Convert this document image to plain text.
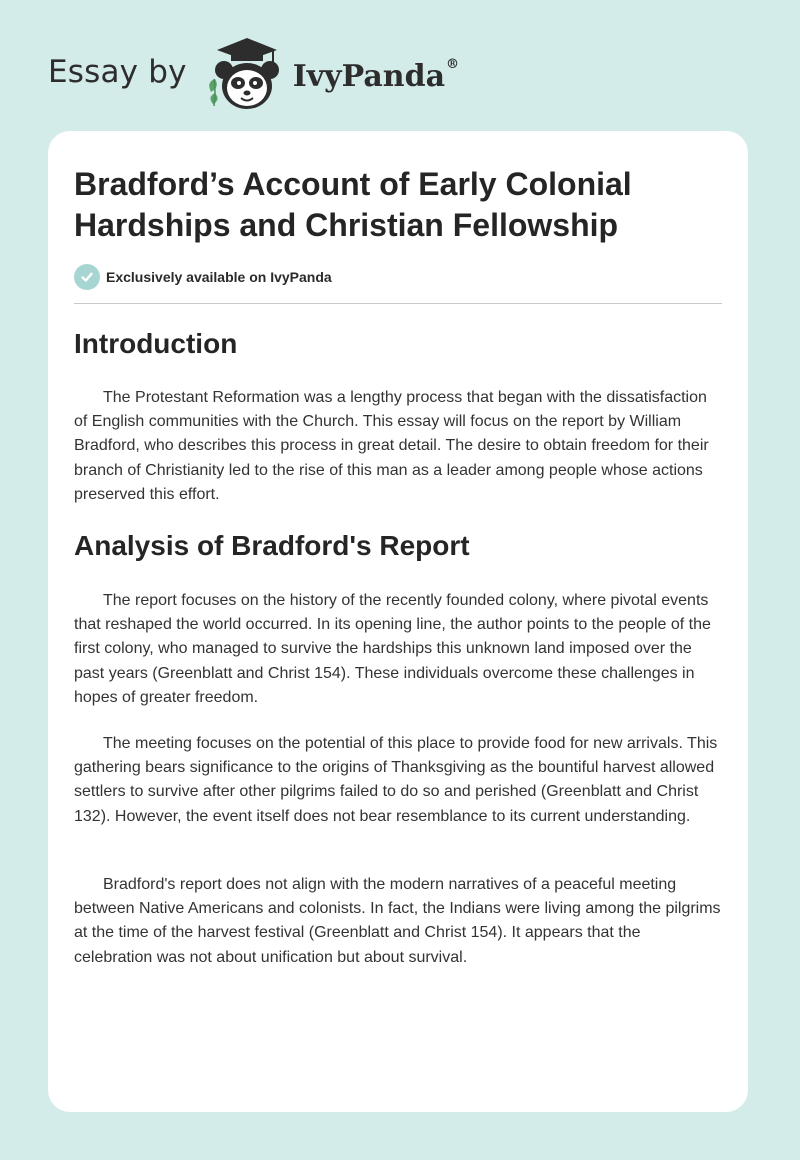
Essay by	IvyPanda®
Bradford’s Account of Early Colonial Hardships and Christian Fellowship
Exclusively available on IvyPanda
Introduction

The Protestant Reformation was a lengthy process that began with the dissatisfaction of English communities with the Church. This essay will focus on the report by William Bradford, who describes this process in great detail. The desire to obtain freedom for their branch of Christianity led to the rise of this man as a leader among people whose actions preserved this effort.

Analysis of Bradford's Report

The report focuses on the history of the recently founded colony, where pivotal events that reshaped the world occurred. In its opening line, the author points to the people of the first colony, who managed to survive the hardships this unknown land imposed over the past years (Greenblatt and Christ 154). These individuals overcome these challenges in hopes of greater freedom.

The meeting focuses on the potential of this place to provide food for new arrivals. This gathering bears significance to the origins of Thanksgiving as the bountiful harvest allowed settlers to survive after other pilgrims failed to do so and perished (Greenblatt and Christ 132). However, the event itself does not bear resemblance to its current understanding.

Bradford's report does not align with the modern narratives of a peaceful meeting between Native Americans and colonists. In fact, the Indians were living among the pilgrims at the time of the harvest festival (Greenblatt and Christ 154). It appears that the celebration was not about unification but about survival.
